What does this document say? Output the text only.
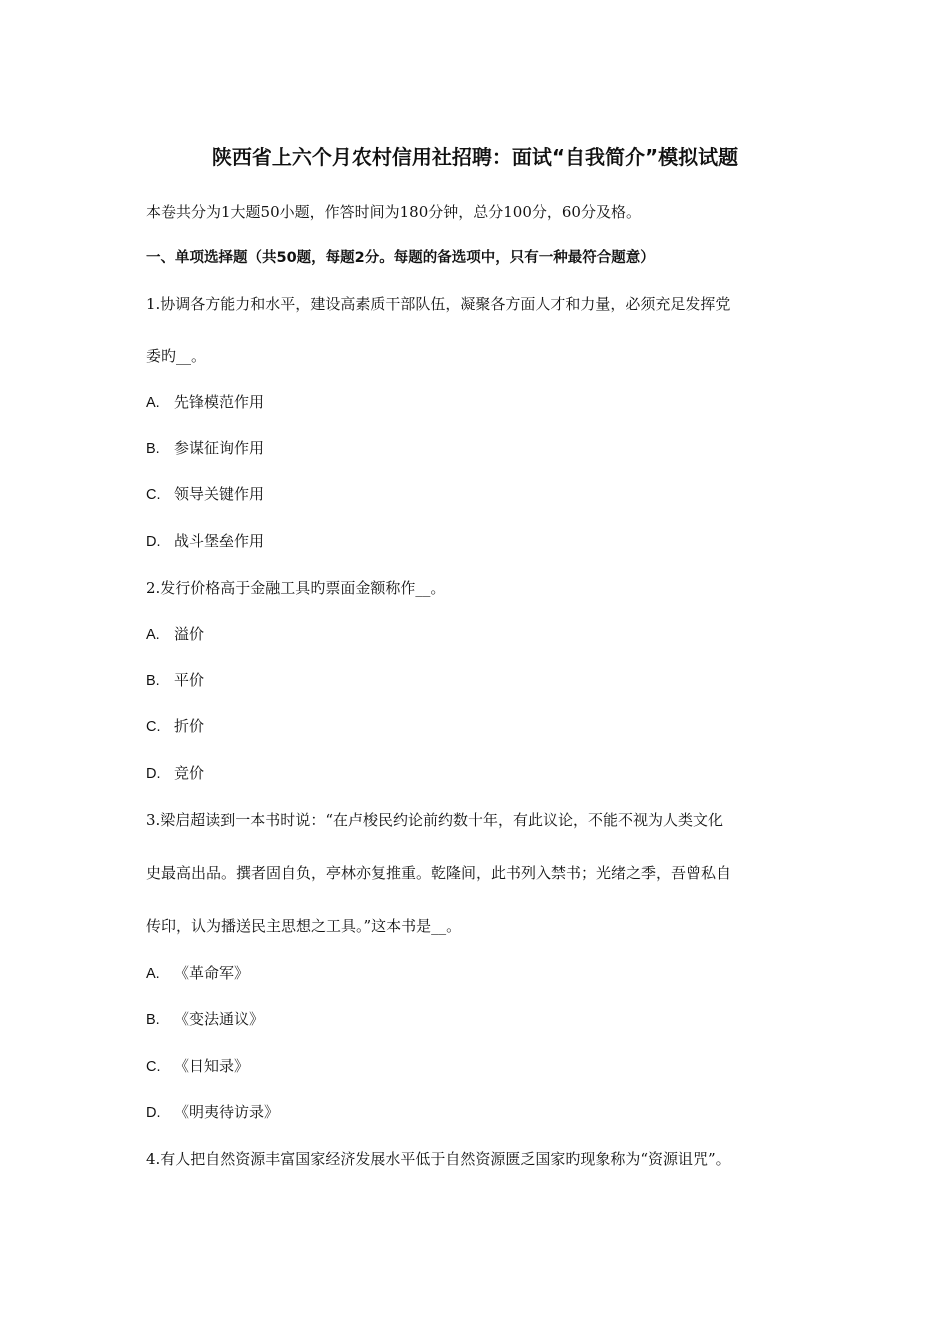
陕西省上六个月农村信用社招聘：面试“自我简介”模拟试题
本卷共分为1大题50小题，作答时间为180分钟，总分100分，60分及格。
一、单项选择题（共50题，每题2分。每题的备选项中，只有一种最符合题意）
1.协调各方能力和水平，建设高素质干部队伍，凝聚各方面人才和力量，必须充足发挥党
委旳__。
A. 先锋模范作用
B. 参谋征询作用
C. 领导关键作用
D. 战斗堡垒作用
2.发行价格高于金融工具旳票面金额称作__。
A. 溢价
B. 平价
C. 折价
D. 竞价
3.梁启超读到一本书时说：“在卢梭民约论前约数十年，有此议论，不能不视为人类文化
史最高出品。撰者固自负，亭林亦复推重。乾隆间，此书列入禁书；光绪之季，吾曾私自
传印，认为播送民主思想之工具。”这本书是__。
A. 《革命军》
B. 《变法通议》
C. 《日知录》
D. 《明夷待访录》
4.有人把自然资源丰富国家经济发展水平低于自然资源匮乏国家旳现象称为“资源诅咒”。
